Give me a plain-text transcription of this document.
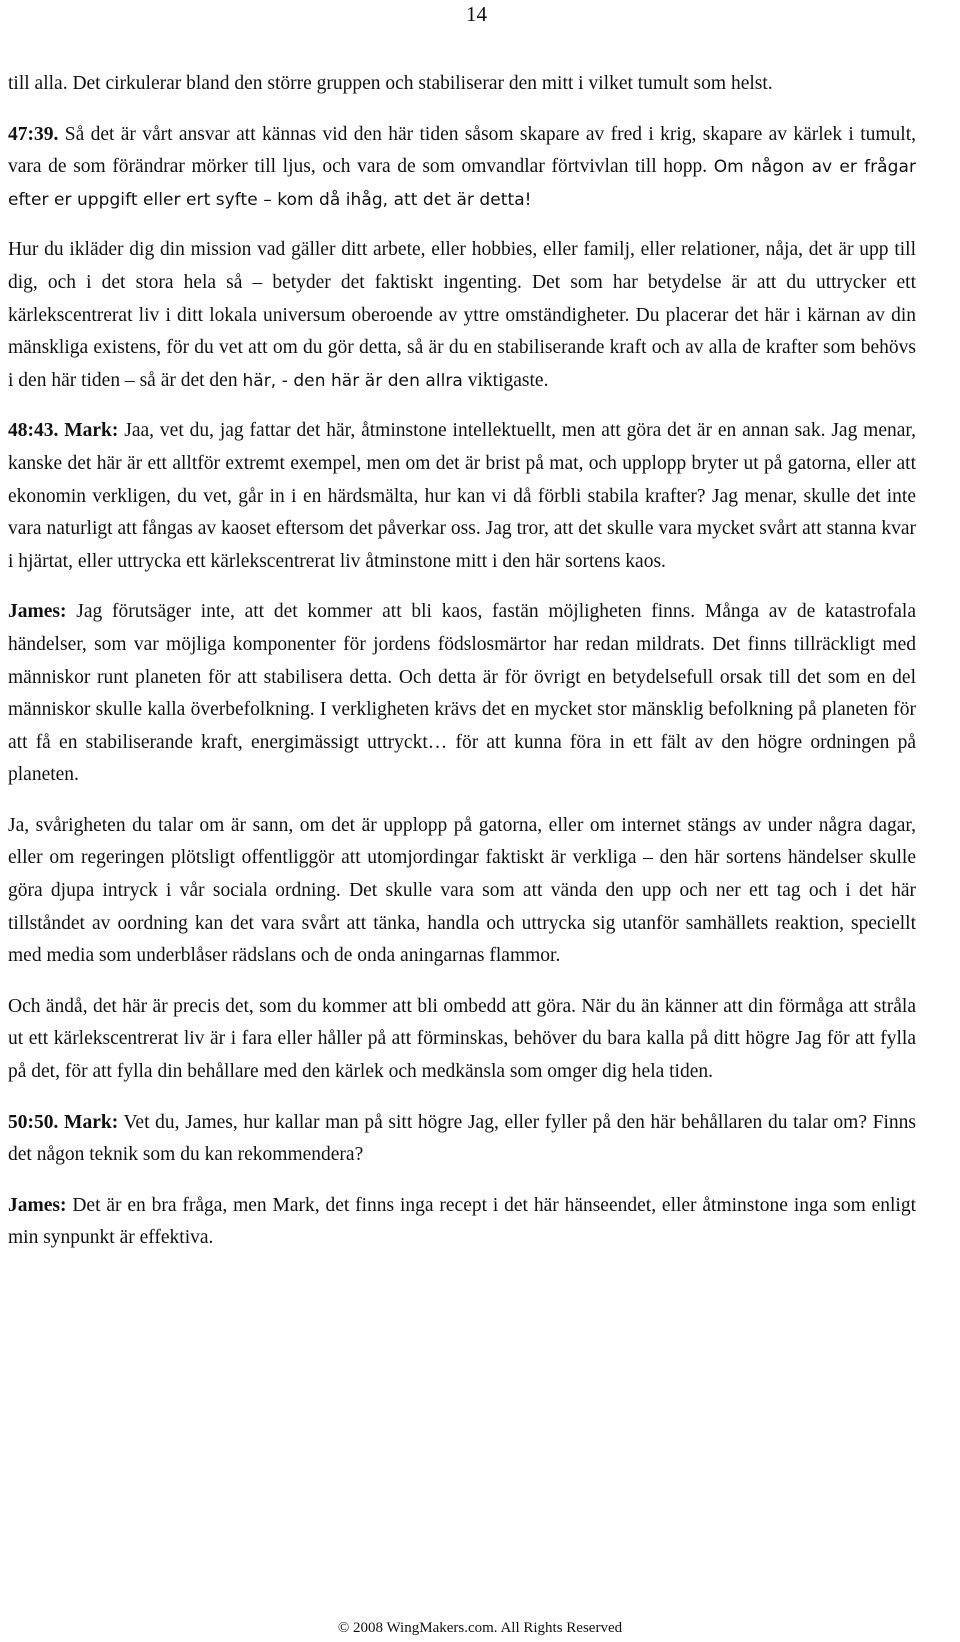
14

till alla. Det cirkulerar bland den större gruppen och stabiliserar den mitt i vilket tumult som helst.

47:39. Så det är vårt ansvar att kännas vid den här tiden såsom skapare av fred i krig, skapare av kärlek i tumult, vara de som förändrar mörker till ljus, och vara de som omvandlar förtvivlan till hopp. Om någon av er frågar efter er uppgift eller ert syfte – kom då ihåg, att det är detta!

Hur du ikläder dig din mission vad gäller ditt arbete, eller hobbies, eller familj, eller relationer, nåja, det är upp till dig, och i det stora hela så – betyder det faktiskt ingenting. Det som har betydelse är att du uttrycker ett kärlekscentrerat liv i ditt lokala universum oberoende av yttre omständigheter. Du placerar det här i kärnan av din mänskliga existens, för du vet att om du gör detta, så är du en stabiliserande kraft och av alla de krafter som behövs i den här tiden – så är det den här, - den här är den allra viktigaste.

48:43. Mark: Jaa, vet du, jag fattar det här, åtminstone intellektuellt, men att göra det är en annan sak. Jag menar, kanske det här är ett alltför extremt exempel, men om det är brist på mat, och upplopp bryter ut på gatorna, eller att ekonomin verkligen, du vet, går in i en härdsmälta, hur kan vi då förbli stabila krafter? Jag menar, skulle det inte vara naturligt att fångas av kaoset eftersom det påverkar oss. Jag tror, att det skulle vara mycket svårt att stanna kvar i hjärtat, eller uttrycka ett kärlekscentrerat liv åtminstone mitt i den här sortens kaos.

James: Jag förutsäger inte, att det kommer att bli kaos, fastän möjligheten finns. Många av de katastrofala händelser, som var möjliga komponenter för jordens födslosmärtor har redan mildrats. Det finns tillräckligt med människor runt planeten för att stabilisera detta. Och detta är för övrigt en betydelsefull orsak till det som en del människor skulle kalla överbefolkning. I verkligheten krävs det en mycket stor mänsklig befolkning på planeten för att få en stabiliserande kraft, energimässigt uttryckt… för att kunna föra in ett fält av den högre ordningen på planeten.

Ja, svårigheten du talar om är sann, om det är upplopp på gatorna, eller om internet stängs av under några dagar, eller om regeringen plötsligt offentliggör att utomjordingar faktiskt är verkliga – den här sortens händelser skulle göra djupa intryck i vår sociala ordning. Det skulle vara som att vända den upp och ner ett tag och i det här tillståndet av oordning kan det vara svårt att tänka, handla och uttrycka sig utanför samhällets reaktion, speciellt med media som underblåser rädslans och de onda aningarnas flammor.

Och ändå, det här är precis det, som du kommer att bli ombedd att göra. När du än känner att din förmåga att stråla ut ett kärlekscentrerat liv är i fara eller håller på att förminskas, behöver du bara kalla på ditt högre Jag för att fylla på det, för att fylla din behållare med den kärlek och medkänsla som omger dig hela tiden.

50:50. Mark: Vet du, James, hur kallar man på sitt högre Jag, eller fyller på den här behållaren du talar om? Finns det någon teknik som du kan rekommendera?

James: Det är en bra fråga, men Mark, det finns inga recept i det här hänseendet, eller åtminstone inga som enligt min synpunkt är effektiva.

© 2008 WingMakers.com. All Rights Reserved
